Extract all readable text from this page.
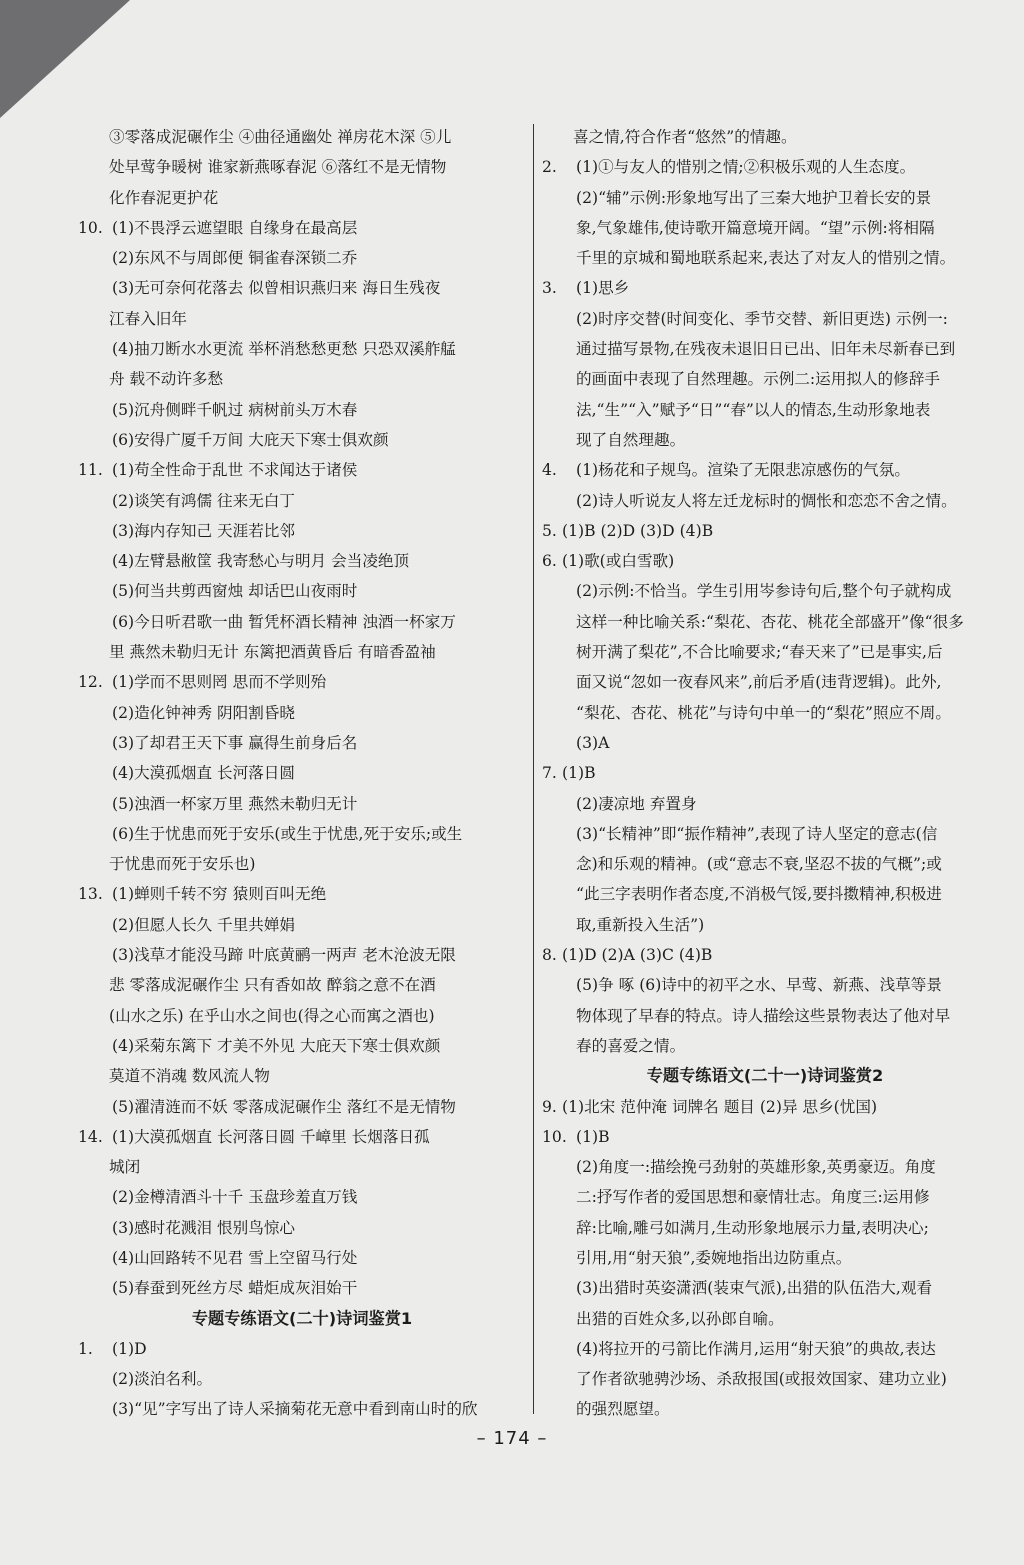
③零落成泥碾作尘 ④曲径通幽处 禅房花木深 ⑤儿
处早莺争暖树 谁家新燕啄春泥 ⑥落红不是无情物
化作春泥更护花
10. (1)不畏浮云遮望眼 自缘身在最高层
(2)东风不与周郎便 铜雀春深锁二乔
(3)无可奈何花落去 似曾相识燕归来 海日生残夜
江春入旧年
(4)抽刀断水水更流 举杯消愁愁更愁 只恐双溪舴艋
舟 载不动许多愁
(5)沉舟侧畔千帆过 病树前头万木春
(6)安得广厦千万间 大庇天下寒士俱欢颜
11. (1)苟全性命于乱世 不求闻达于诸侯
(2)谈笑有鸿儒 往来无白丁
(3)海内存知己 天涯若比邻
(4)左臂悬敝筐 我寄愁心与明月 会当凌绝顶
(5)何当共剪西窗烛 却话巴山夜雨时
(6)今日听君歌一曲 暂凭杯酒长精神 浊酒一杯家万
里 燕然未勒归无计 东篱把酒黄昏后 有暗香盈袖
12. (1)学而不思则罔 思而不学则殆
(2)造化钟神秀 阴阳割昏晓
(3)了却君王天下事 赢得生前身后名
(4)大漠孤烟直 长河落日圆
(5)浊酒一杯家万里 燕然未勒归无计
(6)生于忧患而死于安乐(或生于忧患,死于安乐;或生
于忧患而死于安乐也)
13. (1)蝉则千转不穷 猿则百叫无绝
(2)但愿人长久 千里共婵娟
(3)浅草才能没马蹄 叶底黄鹂一两声 老木沧波无限
悲 零落成泥碾作尘 只有香如故 醉翁之意不在酒
(山水之乐) 在乎山水之间也(得之心而寓之酒也)
(4)采菊东篱下 才美不外见 大庇天下寒士俱欢颜
莫道不消魂 数风流人物
(5)濯清涟而不妖 零落成泥碾作尘 落红不是无情物
14. (1)大漠孤烟直 长河落日圆 千嶂里 长烟落日孤
城闭
(2)金樽清酒斗十千 玉盘珍羞直万钱
(3)感时花溅泪 恨别鸟惊心
(4)山回路转不见君 雪上空留马行处
(5)春蚕到死丝方尽 蜡炬成灰泪始干
专题专练语文(二十)诗词鉴赏1
1. (1)D
(2)淡泊名利。
(3)“见”字写出了诗人采摘菊花无意中看到南山时的欣
喜之情,符合作者“悠然”的情趣。
2. (1)①与友人的惜别之情;②积极乐观的人生态度。
(2)“辅”示例:形象地写出了三秦大地护卫着长安的景
象,气象雄伟,使诗歌开篇意境开阔。“望”示例:将相隔
千里的京城和蜀地联系起来,表达了对友人的惜别之情。
3. (1)思乡
(2)时序交替(时间变化、季节交替、新旧更迭) 示例一:
通过描写景物,在残夜未退旧日已出、旧年未尽新春已到
的画面中表现了自然理趣。示例二:运用拟人的修辞手
法,“生”“入”赋予“日”“春”以人的情态,生动形象地表
现了自然理趣。
4. (1)杨花和子规鸟。渲染了无限悲凉感伤的气氛。
(2)诗人听说友人将左迁龙标时的惆怅和恋恋不舍之情。
5. (1)B (2)D (3)D (4)B
6. (1)歌(或白雪歌)
(2)示例:不恰当。学生引用岑参诗句后,整个句子就构成
这样一种比喻关系:“梨花、杏花、桃花全部盛开”像“很多
树开满了梨花”,不合比喻要求;“春天来了”已是事实,后
面又说“忽如一夜春风来”,前后矛盾(违背逻辑)。此外,
“梨花、杏花、桃花”与诗句中单一的“梨花”照应不周。
(3)A
7. (1)B
(2)凄凉地 弃置身
(3)“长精神”即“振作精神”,表现了诗人坚定的意志(信
念)和乐观的精神。(或“意志不衰,坚忍不拔的气概”;或
“此三字表明作者态度,不消极气馁,要抖擞精神,积极进
取,重新投入生活”)
8. (1)D (2)A (3)C (4)B
(5)争 啄 (6)诗中的初平之水、早莺、新燕、浅草等景
物体现了早春的特点。诗人描绘这些景物表达了他对早
春的喜爱之情。
专题专练语文(二十一)诗词鉴赏2
9. (1)北宋 范仲淹 词牌名 题目 (2)异 思乡(忧国)
10. (1)B
(2)角度一:描绘挽弓劲射的英雄形象,英勇豪迈。角度
二:抒写作者的爱国思想和豪情壮志。角度三:运用修
辞:比喻,雕弓如满月,生动形象地展示力量,表明决心;
引用,用“射天狼”,委婉地指出边防重点。
(3)出猎时英姿潇洒(装束气派),出猎的队伍浩大,观看
出猎的百姓众多,以孙郎自喻。
(4)将拉开的弓箭比作满月,运用“射天狼”的典故,表达
了作者欲驰骋沙场、杀敌报国(或报效国家、建功立业)
的强烈愿望。
– 174 –
